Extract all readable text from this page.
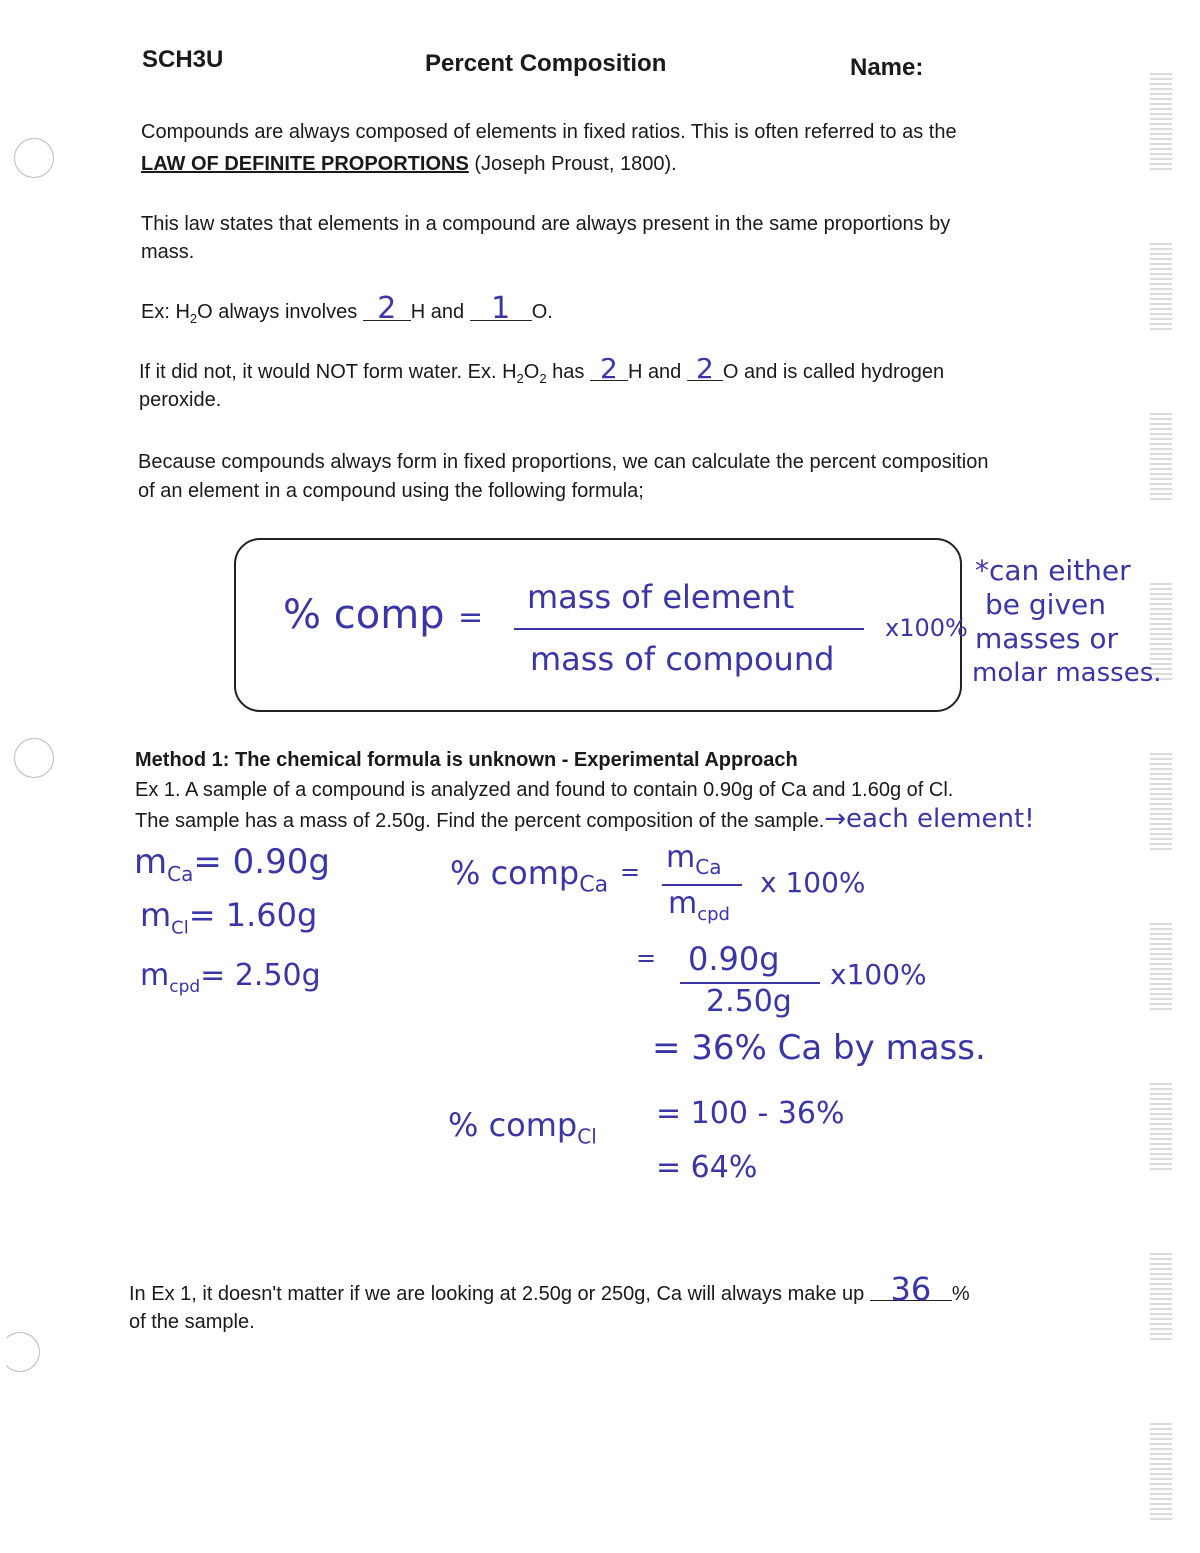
SCH3U	Percent Composition	Name:
Compounds are always composed of elements in fixed ratios. This is often referred to as the
LAW OF DEFINITE PROPORTIONS (Joseph Proust, 1800).
This law states that elements in a compound are always present in the same proportions by
mass.
Ex: $H_2O$ always involves 2 H and 1 O.
If it did not, it would NOT form water. Ex. $H_2O_2$ has 2 H and 2 O and is called hydrogen
peroxide.
Because compounds always form in fixed proportions, we can calculate the percent composition
of an element in a compound using the following formula;
% comp =
mass of element
mass of compound
x100%
*can either
be given
masses or
molar masses.
Method 1: The chemical formula is unknown - Experimental Approach
Ex 1. A sample of a compound is analyzed and found to contain 0.90g of Ca and 1.60g of Cl.
The sample has a mass of 2.50g. Find the percent composition of the sample.→each element!
$m_{Ca}= 0.90g$
$m_{Cl}= 1.60g$
$m_{cpd}= 2.50g$
% comp$_{Ca}$ = $m_{Ca}$
$m_{cpd}$
x 100%
= 0.90g
2.50g
x100%
= 36% Ca by mass.
% comp$_{Cl}$
= 100 - 36%
= 64%
In Ex 1, it doesn't matter if we are looking at 2.50g or 250g, Ca will always make up 36 %
of the sample.
